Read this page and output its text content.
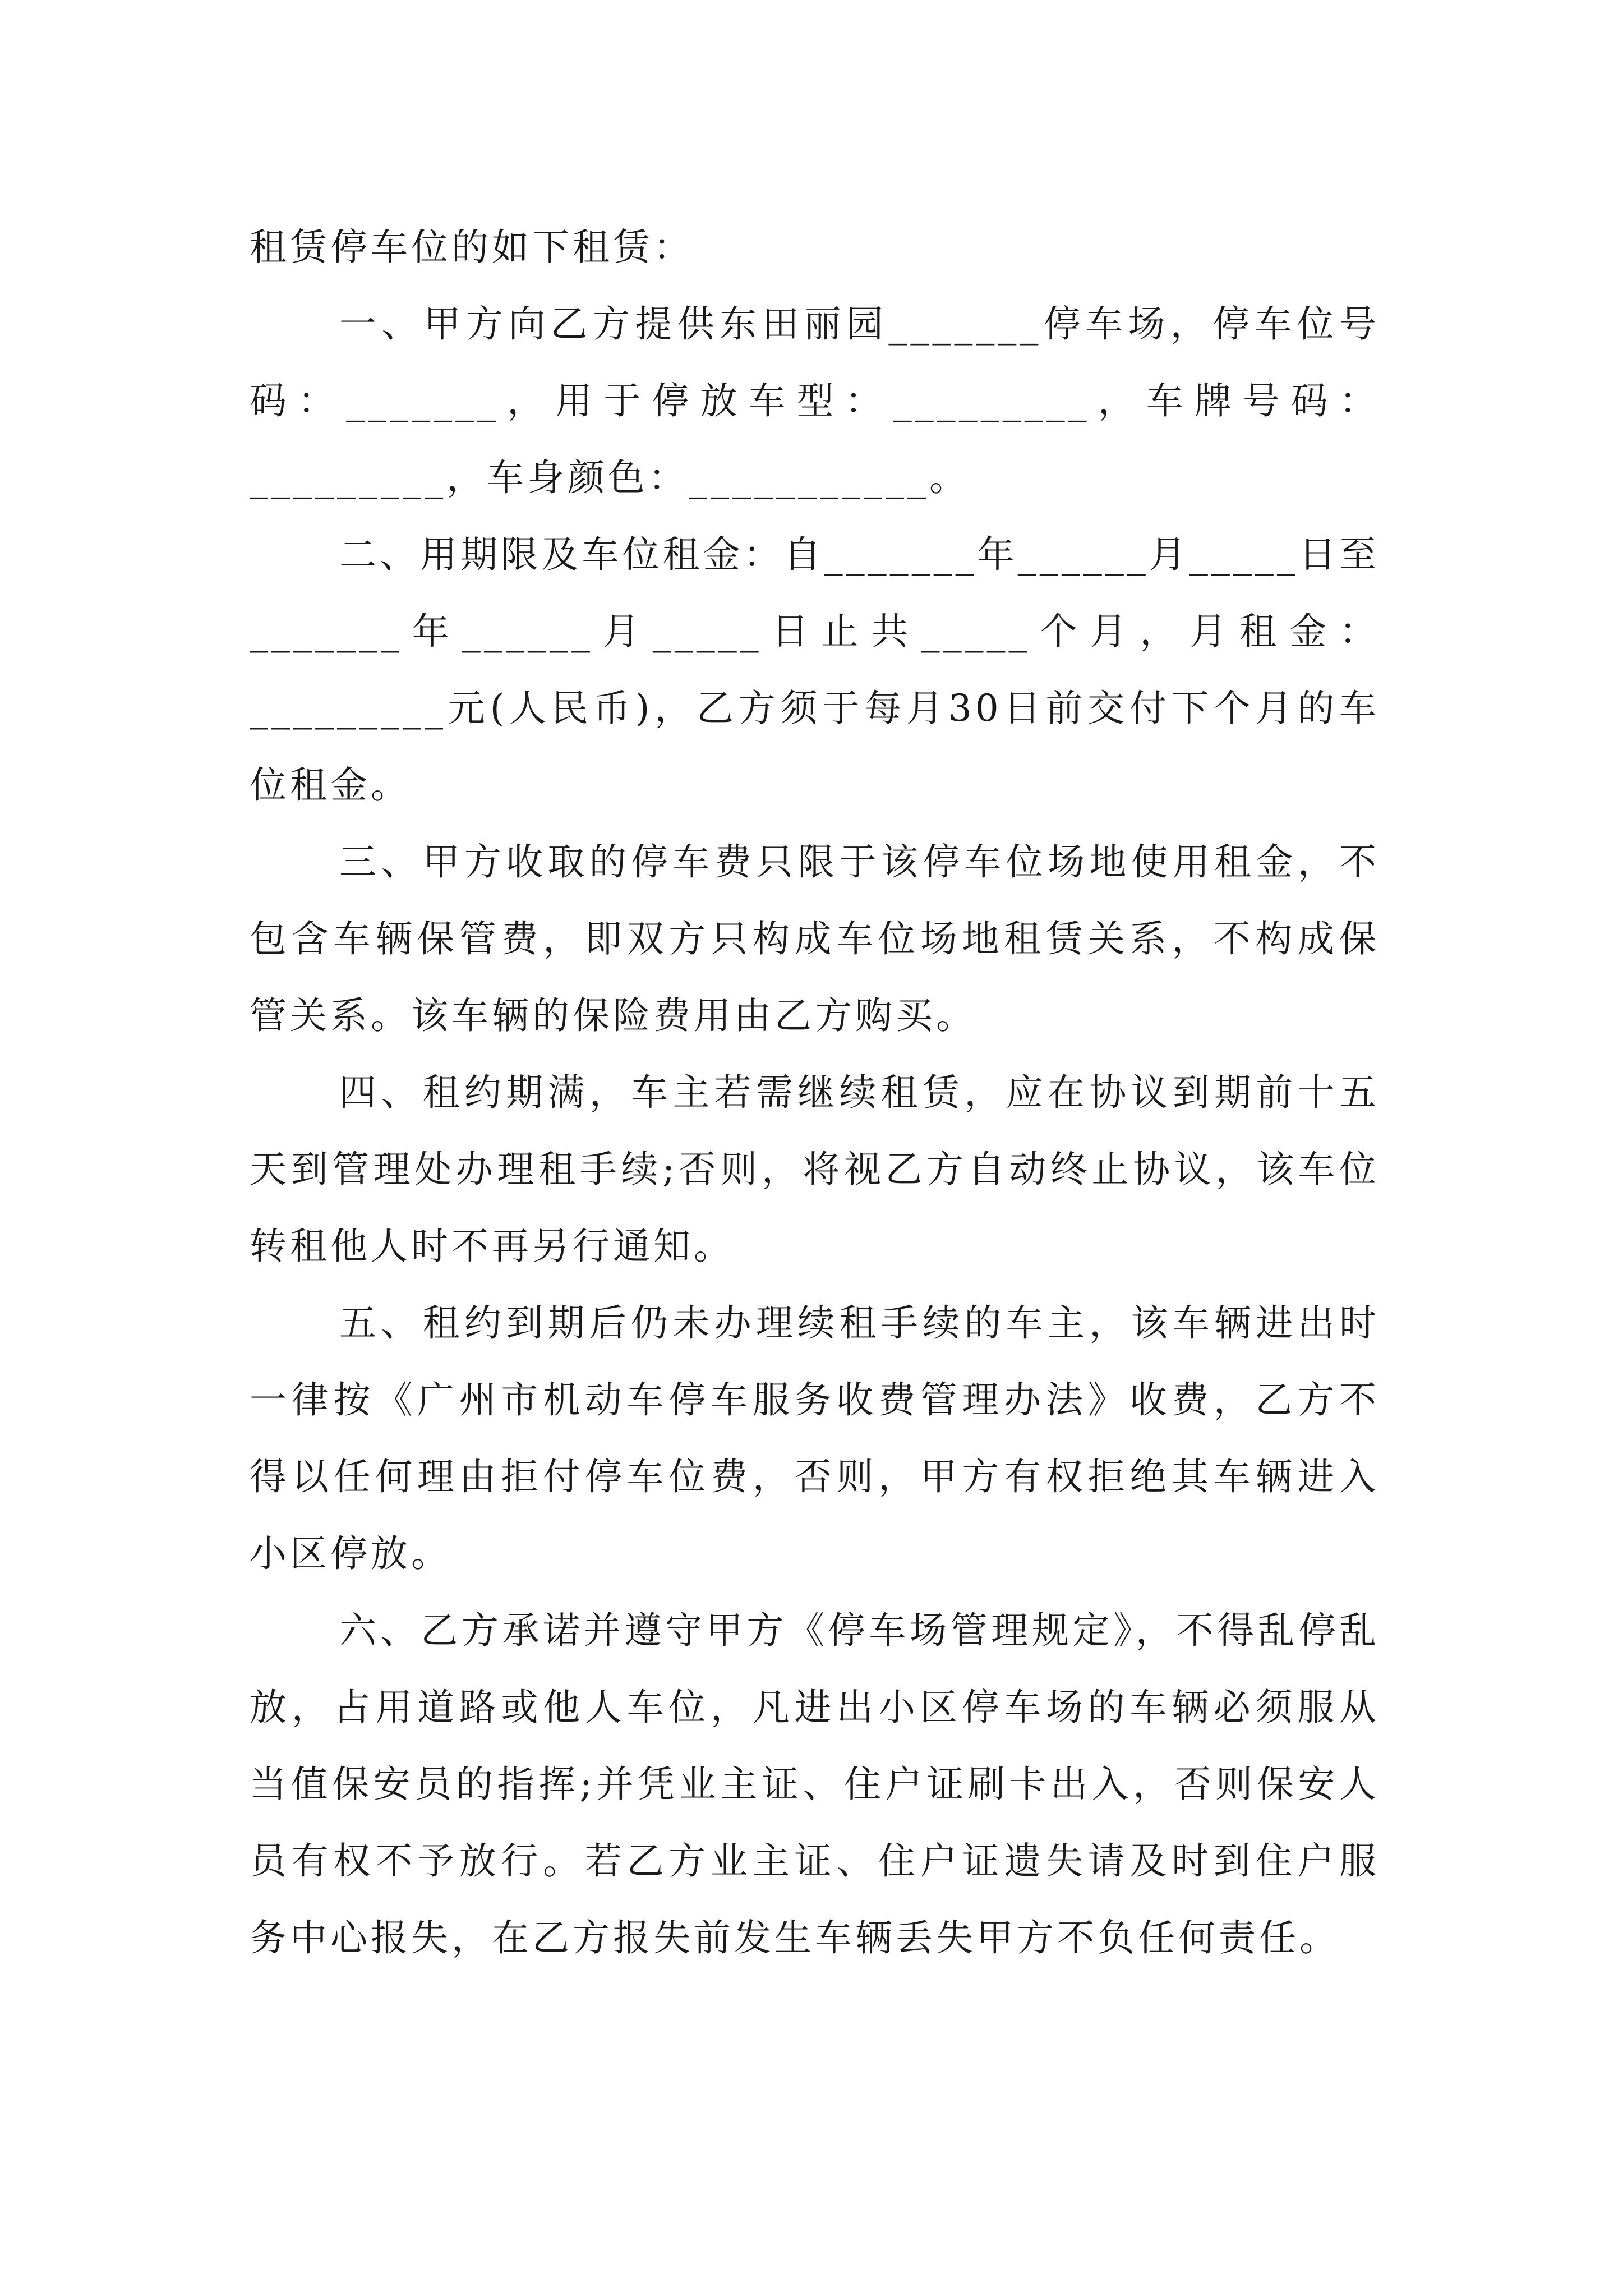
租赁停车位的如下租赁：

一、甲方向乙方提供东田丽园_______停车场，停车位号码：_______，用于停放车型：_________，车牌号码：_________，车身颜色：___________。

二、用期限及车位租金：自_______年______月_____日至_______年______月_____日止共_____个月，月租金：_________元(人民币)，乙方须于每月30日前交付下个月的车位租金。

三、甲方收取的停车费只限于该停车位场地使用租金，不包含车辆保管费，即双方只构成车位场地租赁关系，不构成保管关系。该车辆的保险费用由乙方购买。

四、租约期满，车主若需继续租赁，应在协议到期前十五天到管理处办理租手续;否则，将视乙方自动终止协议，该车位转租他人时不再另行通知。

五、租约到期后仍未办理续租手续的车主，该车辆进出时一律按《广州市机动车停车服务收费管理办法》收费，乙方不得以任何理由拒付停车位费，否则，甲方有权拒绝其车辆进入小区停放。

六、乙方承诺并遵守甲方《停车场管理规定》，不得乱停乱放，占用道路或他人车位，凡进出小区停车场的车辆必须服从当值保安员的指挥;并凭业主证、住户证刷卡出入，否则保安人员有权不予放行。若乙方业主证、住户证遗失请及时到住户服务中心报失，在乙方报失前发生车辆丢失甲方不负任何责任。
